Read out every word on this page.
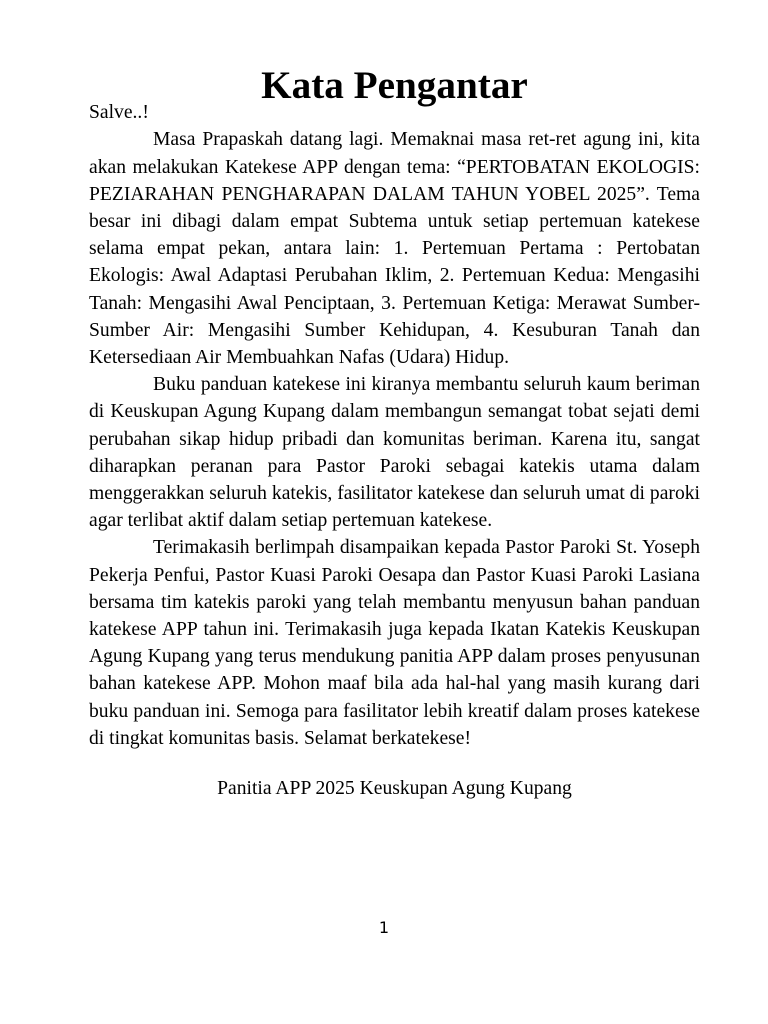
Kata Pengantar

Salve..!

Masa Prapaskah datang lagi. Memaknai masa ret-ret agung ini, kita akan melakukan Katekese APP dengan tema: “PERTOBATAN EKOLOGIS: PEZIARAHAN PENGHARAPAN DALAM TAHUN YOBEL 2025”. Tema besar ini dibagi dalam empat Subtema untuk setiap pertemuan katekese selama empat pekan, antara lain: 1. Pertemuan Pertama : Pertobatan Ekologis: Awal Adaptasi Perubahan Iklim, 2. Pertemuan Kedua: Mengasihi Tanah: Mengasihi Awal Penciptaan, 3. Pertemuan Ketiga: Merawat Sumber-Sumber Air: Mengasihi Sumber Kehidupan, 4. Kesuburan Tanah dan Ketersediaan Air Membuahkan Nafas (Udara) Hidup.

Buku panduan katekese ini kiranya membantu seluruh kaum beriman di Keuskupan Agung Kupang dalam membangun semangat tobat sejati demi perubahan sikap hidup pribadi dan komunitas beriman. Karena itu, sangat diharapkan peranan para Pastor Paroki sebagai katekis utama dalam menggerakkan seluruh katekis, fasilitator katekese dan seluruh umat di paroki agar terlibat aktif dalam setiap pertemuan katekese.

Terimakasih berlimpah disampaikan kepada Pastor Paroki St. Yoseph Pekerja Penfui, Pastor Kuasi Paroki Oesapa dan Pastor Kuasi Paroki Lasiana bersama tim katekis paroki yang telah membantu menyusun bahan panduan katekese APP tahun ini. Terimakasih juga kepada Ikatan Katekis Keuskupan Agung Kupang yang terus mendukung panitia APP dalam proses penyusunan bahan katekese APP. Mohon maaf bila ada hal-hal yang masih kurang dari buku panduan ini. Semoga para fasilitator lebih kreatif dalam proses katekese di tingkat komunitas basis. Selamat berkatekese!

Panitia APP 2025 Keuskupan Agung Kupang

1
